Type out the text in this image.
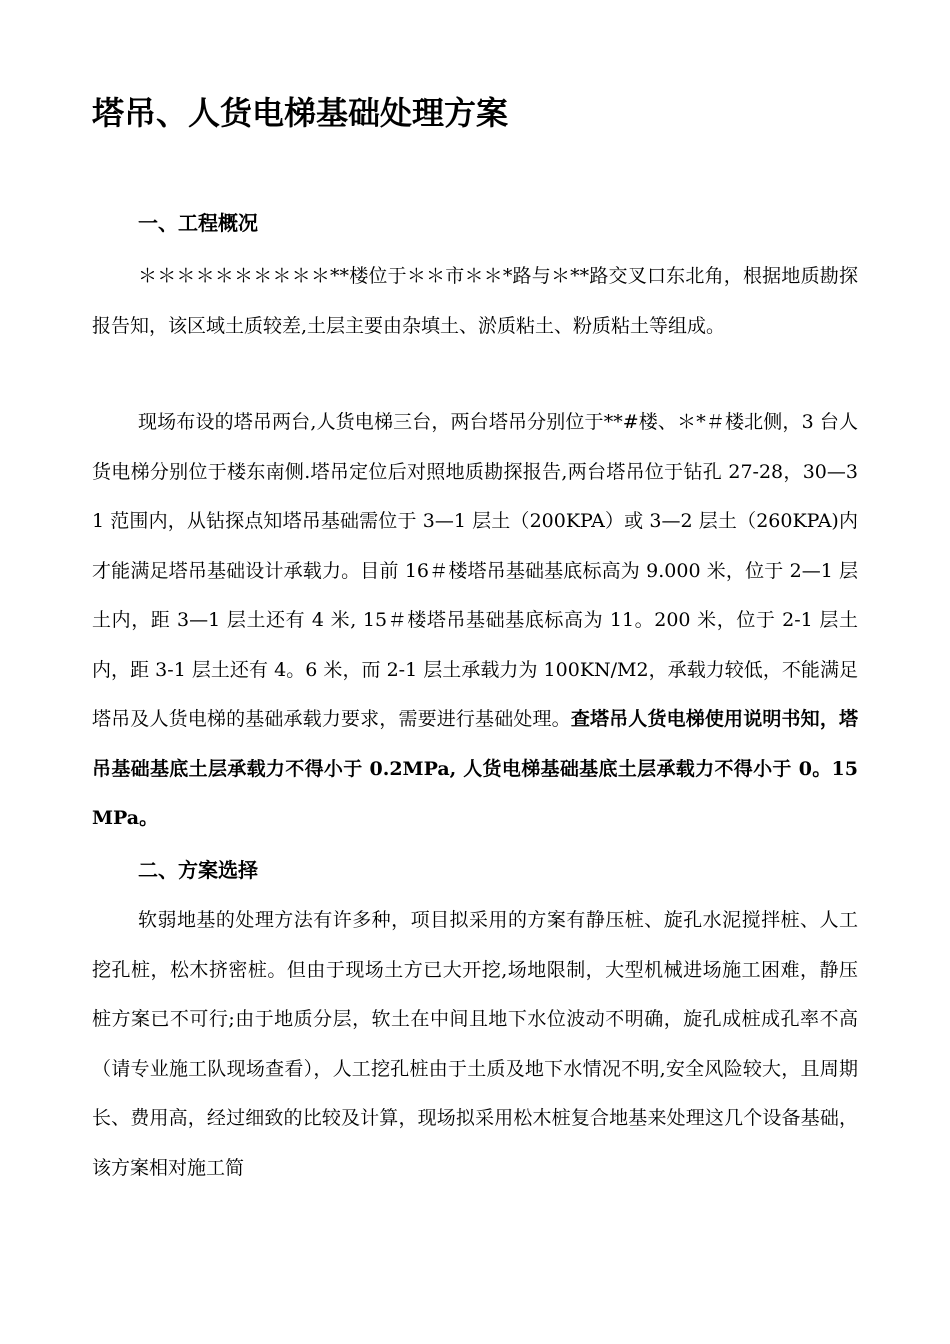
塔吊、人货电梯基础处理方案
一、工程概况

＊＊＊＊＊＊＊＊＊＊**楼位于＊＊市＊＊*路与＊**路交叉口东北角，根据地质勘探报告知，该区域土质较差,土层主要由杂填土、淤质粘土、粉质粘土等组成。

现场布设的塔吊两台,人货电梯三台，两台塔吊分别位于**#楼、＊*＃楼北侧，3 台人货电梯分别位于楼东南侧.塔吊定位后对照地质勘探报告,两台塔吊位于钻孔 27-28，30—31 范围内，从钻探点知塔吊基础需位于 3—1 层土（200KPA）或 3—2 层土（260KPA)内才能满足塔吊基础设计承载力。目前 16＃楼塔吊基础基底标高为 9.000 米，位于 2—1 层土内，距 3—1 层土还有 4 米, 15＃楼塔吊基础基底标高为 11。200 米，位于 2-1 层土内，距 3-1 层土还有 4。6 米，而 2-1 层土承载力为 100KN/M2，承载力较低，不能满足塔吊及人货电梯的基础承载力要求，需要进行基础处理。查塔吊人货电梯使用说明书知，塔吊基础基底土层承载力不得小于 0.2MPa, 人货电梯基础基底土层承载力不得小于 0。15MPa。

二、方案选择

软弱地基的处理方法有许多种，项目拟采用的方案有静压桩、旋孔水泥搅拌桩、人工挖孔桩，松木挤密桩。但由于现场土方已大开挖,场地限制，大型机械进场施工困难，静压桩方案已不可行;由于地质分层，软土在中间且地下水位波动不明确，旋孔成桩成孔率不高（请专业施工队现场查看），人工挖孔桩由于土质及地下水情况不明,安全风险较大，且周期长、费用高，经过细致的比较及计算，现场拟采用松木桩复合地基来处理这几个设备基础，该方案相对施工简
